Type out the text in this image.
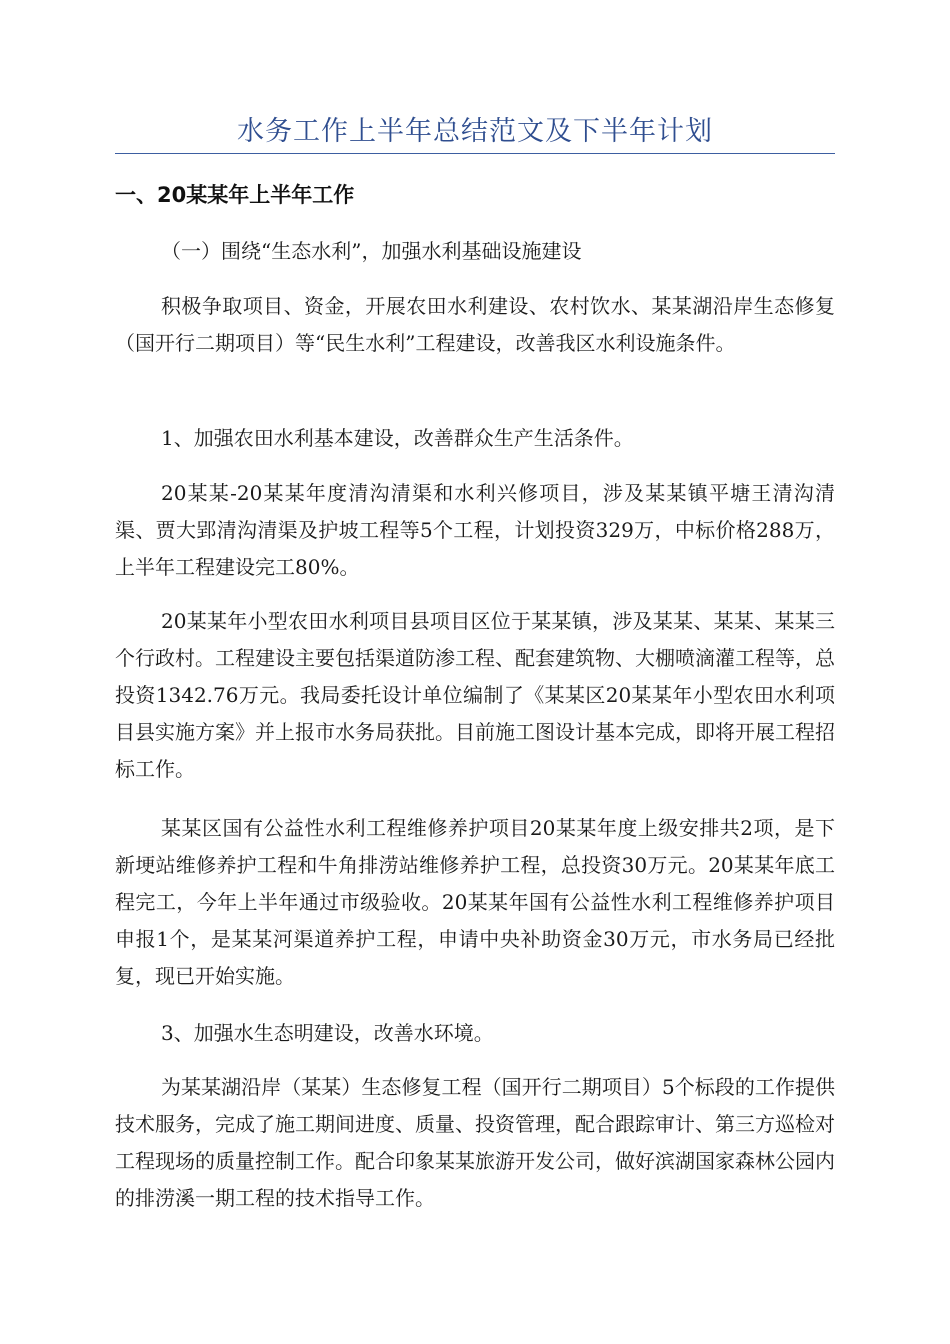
水务工作上半年总结范文及下半年计划
一、20某某年上半年工作

（一）围绕“生态水利”，加强水利基础设施建设

积极争取项目、资金，开展农田水利建设、农村饮水、某某湖沿岸生态修复（国开行二期项目）等“民生水利”工程建设，改善我区水利设施条件。

1、加强农田水利基本建设，改善群众生产生活条件。

20某某-20某某年度清沟清渠和水利兴修项目，涉及某某镇平塘王清沟清渠、贾大郢清沟清渠及护坡工程等5个工程，计划投资329万，中标价格288万，上半年工程建设完工80%。

20某某年小型农田水利项目县项目区位于某某镇，涉及某某、某某、某某三个行政村。工程建设主要包括渠道防渗工程、配套建筑物、大棚喷滴灌工程等，总投资1342.76万元。我局委托设计单位编制了《某某区20某某年小型农田水利项目县实施方案》并上报市水务局获批。目前施工图设计基本完成，即将开展工程招标工作。

某某区国有公益性水利工程维修养护项目20某某年度上级安排共2项，是下新埂站维修养护工程和牛角排涝站维修养护工程，总投资30万元。20某某年底工程完工，今年上半年通过市级验收。20某某年国有公益性水利工程维修养护项目申报1个，是某某河渠道养护工程，申请中央补助资金30万元，市水务局已经批复，现已开始实施。

3、加强水生态明建设，改善水环境。

为某某湖沿岸（某某）生态修复工程（国开行二期项目）5个标段的工作提供技术服务，完成了施工期间进度、质量、投资管理，配合跟踪审计、第三方巡检对工程现场的质量控制工作。配合印象某某旅游开发公司，做好滨湖国家森林公园内的排涝溪一期工程的技术指导工作。
